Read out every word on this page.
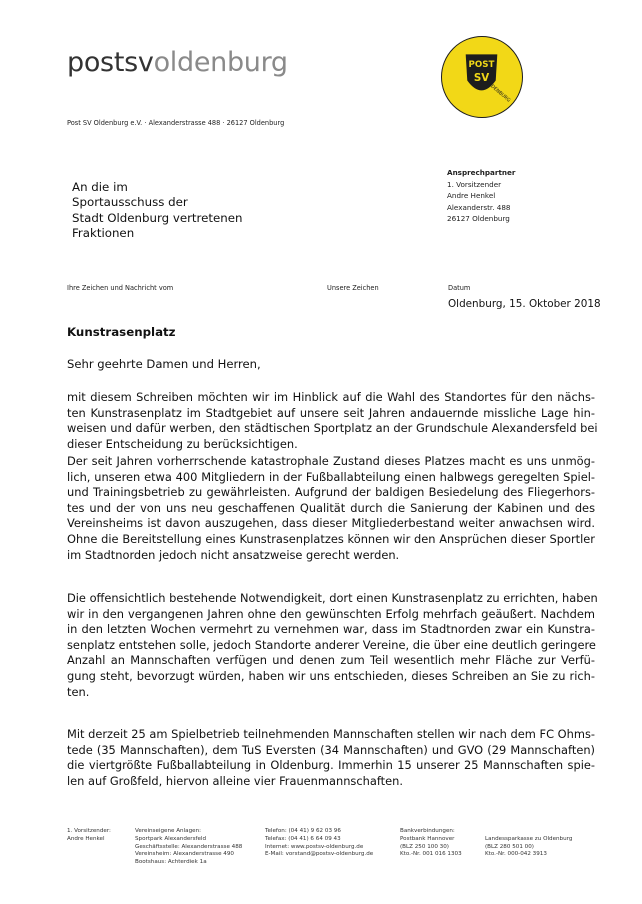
postsvoldenburg	POST
SV
OLDENBURG
Post SV Oldenburg e.V. · Alexanderstrasse 488 · 26127 Oldenburg
An die im
Sportausschuss der
Stadt Oldenburg vertretenen
Fraktionen
Ansprechpartner
1. Vorsitzender
Andre Henkel
Alexanderstr. 488
26127 Oldenburg
Ihre Zeichen und Nachricht vom	Unsere Zeichen	Datum
Oldenburg, 15. Oktober 2018
Kunstrasenplatz
Sehr geehrte Damen und Herren,
mit diesem Schreiben möchten wir im Hinblick auf die Wahl des Standortes für den nächs-
ten Kunstrasenplatz im Stadtgebiet auf unsere seit Jahren andauernde missliche Lage hin-
weisen und dafür werben, den städtischen Sportplatz an der Grundschule Alexandersfeld bei
dieser Entscheidung zu berücksichtigen.
Der seit Jahren vorherrschende katastrophale Zustand dieses Platzes macht es uns unmög-
lich, unseren etwa 400 Mitgliedern in der Fußballabteilung einen halbwegs geregelten Spiel-
und Trainingsbetrieb zu gewährleisten. Aufgrund der baldigen Besiedelung des Fliegerhors-
tes und der von uns neu geschaffenen Qualität durch die Sanierung der Kabinen und des
Vereinsheims ist davon auszugehen, dass dieser Mitgliederbestand weiter anwachsen wird.
Ohne die Bereitstellung eines Kunstrasenplatzes können wir den Ansprüchen dieser Sportler
im Stadtnorden jedoch nicht ansatzweise gerecht werden.
Die offensichtlich bestehende Notwendigkeit, dort einen Kunstrasenplatz zu errichten, haben
wir in den vergangenen Jahren ohne den gewünschten Erfolg mehrfach geäußert. Nachdem
in den letzten Wochen vermehrt zu vernehmen war, dass im Stadtnorden zwar ein Kunstra-
senplatz entstehen solle, jedoch Standorte anderer Vereine, die über eine deutlich geringere
Anzahl an Mannschaften verfügen und denen zum Teil wesentlich mehr Fläche zur Verfü-
gung steht, bevorzugt würden, haben wir uns entschieden, dieses Schreiben an Sie zu rich-
ten.
Mit derzeit 25 am Spielbetrieb teilnehmenden Mannschaften stellen wir nach dem FC Ohms-
tede (35 Mannschaften), dem TuS Eversten (34 Mannschaften) und GVO (29 Mannschaften)
die viertgrößte Fußballabteilung in Oldenburg. Immerhin 15 unserer 25 Mannschaften spie-
len auf Großfeld, hiervon alleine vier Frauenmannschaften.
1. Vorsitzender:
Andre Henkel
Vereinseigene Anlagen:
Sportpark Alexandersfeld
Geschäftsstelle: Alexanderstrasse 488
Vereinsheim: Alexanderstrasse 490
Bootshaus: Achterdiek 1a
Telefon: (04 41) 9 62 03 96
Telefax: (04 41) 6 64 09 43
Internet: www.postsv-oldenburg.de
E-Mail: vorstand@postsv-oldenburg.de
Bankverbindungen:
Postbank Hannover
(BLZ 250 100 30)
Kto.-Nr. 001 016 1303

Landessparkasse zu Oldenburg
(BLZ 280 501 00)
Kto.-Nr. 000-042 3913
